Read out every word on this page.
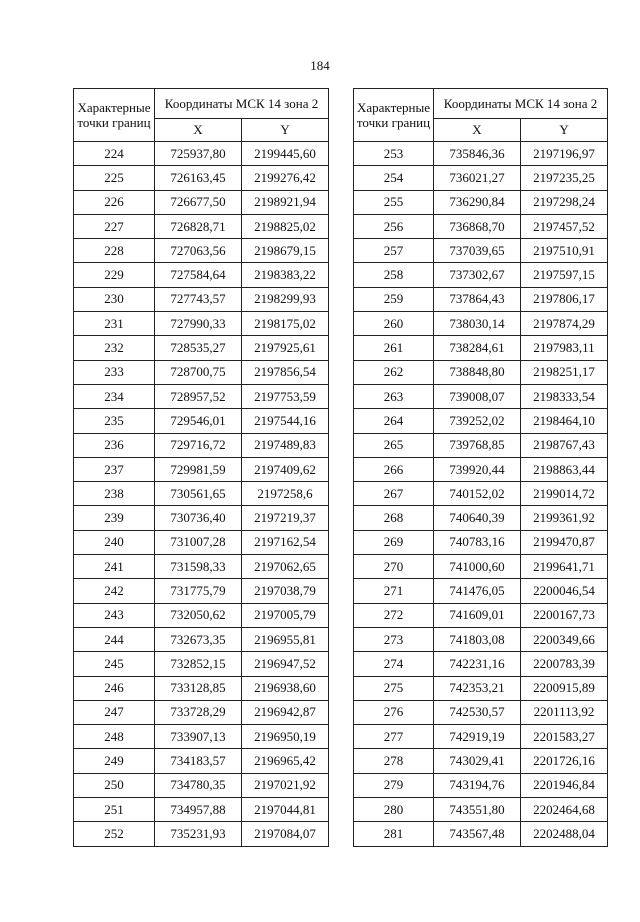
184
Характерные
точки границ	Координаты МСК 14 зона 2	
	X	Y
224	725937,80	2199445,60
225	726163,45	2199276,42
226	726677,50	2198921,94
227	726828,71	2198825,02
228	727063,56	2198679,15
229	727584,64	2198383,22
230	727743,57	2198299,93
231	727990,33	2198175,02
232	728535,27	2197925,61
233	728700,75	2197856,54
234	728957,52	2197753,59
235	729546,01	2197544,16
236	729716,72	2197489,83
237	729981,59	2197409,62
238	730561,65	2197258,6
239	730736,40	2197219,37
240	731007,28	2197162,54
241	731598,33	2197062,65
242	731775,79	2197038,79
243	732050,62	2197005,79
244	732673,35	2196955,81
245	732852,15	2196947,52
246	733128,85	2196938,60
247	733728,29	2196942,87
248	733907,13	2196950,19
249	734183,57	2196965,42
250	734780,35	2197021,92
251	734957,88	2197044,81
252	735231,93	2197084,07
Характерные
точки границ	Координаты МСК 14 зона 2	
	X	Y
253	735846,36	2197196,97
254	736021,27	2197235,25
255	736290,84	2197298,24
256	736868,70	2197457,52
257	737039,65	2197510,91
258	737302,67	2197597,15
259	737864,43	2197806,17
260	738030,14	2197874,29
261	738284,61	2197983,11
262	738848,80	2198251,17
263	739008,07	2198333,54
264	739252,02	2198464,10
265	739768,85	2198767,43
266	739920,44	2198863,44
267	740152,02	2199014,72
268	740640,39	2199361,92
269	740783,16	2199470,87
270	741000,60	2199641,71
271	741476,05	2200046,54
272	741609,01	2200167,73
273	741803,08	2200349,66
274	742231,16	2200783,39
275	742353,21	2200915,89
276	742530,57	2201113,92
277	742919,19	2201583,27
278	743029,41	2201726,16
279	743194,76	2201946,84
280	743551,80	2202464,68
281	743567,48	2202488,04
